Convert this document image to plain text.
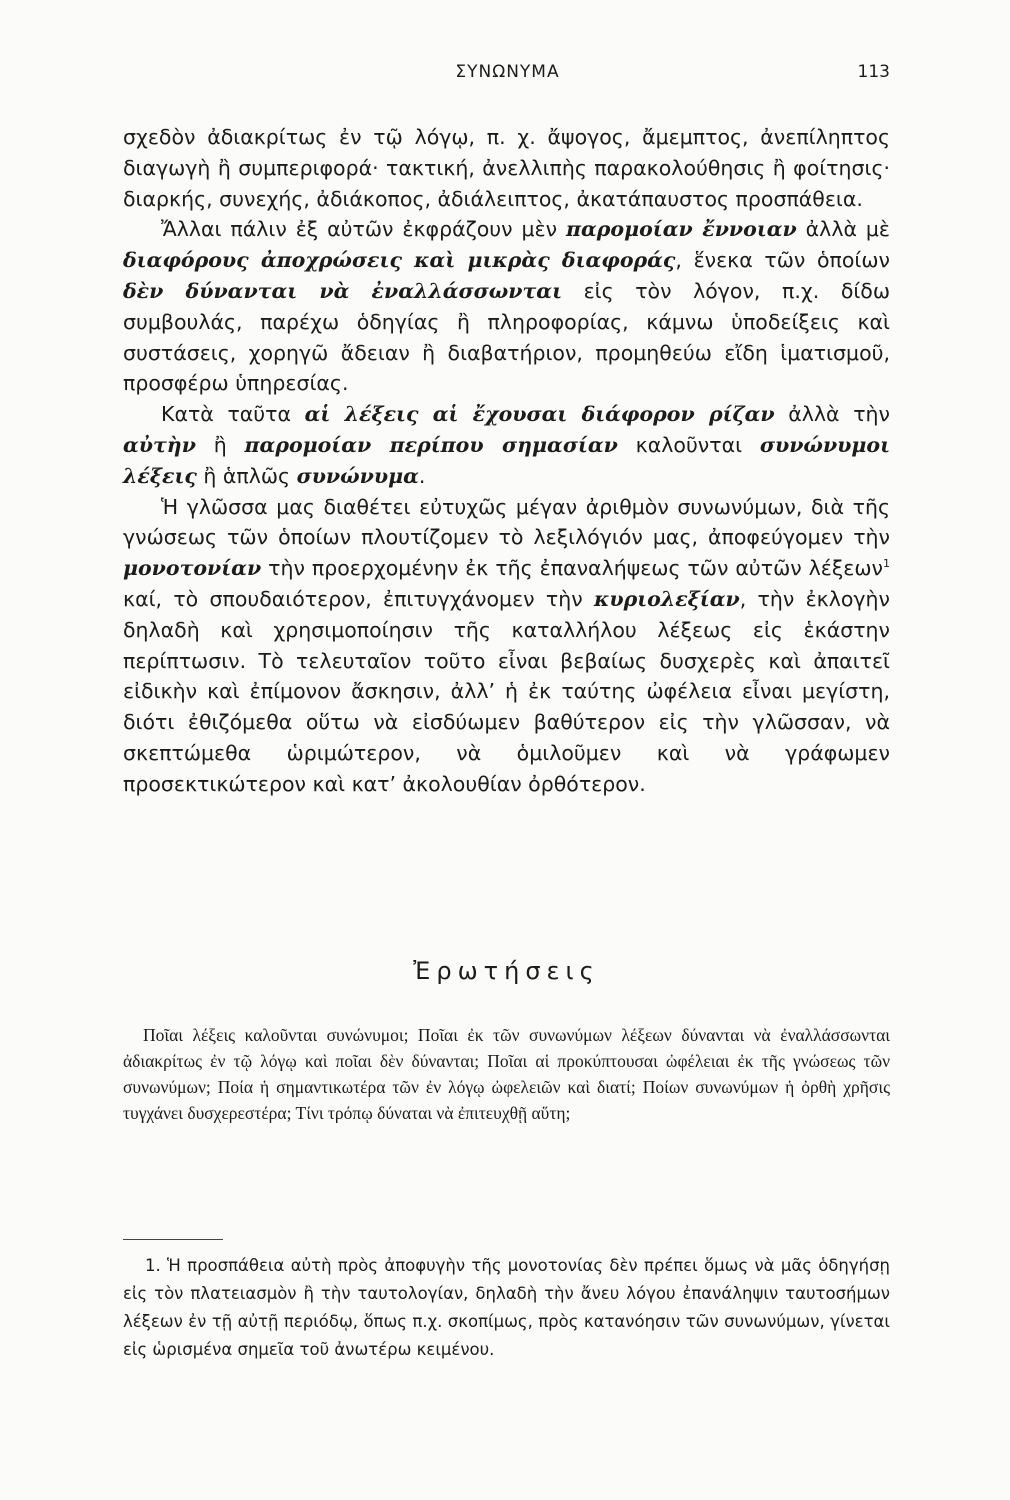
ΣΥΝΩΝΥΜΑ	113

σχεδὸν ἀδιακρίτως ἐν τῷ λόγῳ, π. χ. ἄψογος, ἄμεμπτος, ἀνεπίληπτος διαγωγὴ ἢ συμπεριφορά· τακτική, ἀνελλιπὴς παρακολούθησις ἢ φοίτησις· διαρκής, συνεχής, ἀδιάκοπος, ἀδιάλειπτος, ἀκατάπαυστος προσπάθεια.

Ἄλλαι πάλιν ἐξ αὐτῶν ἐκφράζουν μὲν παρομοίαν ἔννοιαν ἀλλὰ μὲ διαφόρους ἀποχρώσεις καὶ μικρὰς διαφοράς, ἕνεκα τῶν ὁποίων δὲν δύνανται νὰ ἐναλλάσσωνται εἰς τὸν λόγον, π.χ. δίδω συμβουλάς, παρέχω ὁδηγίας ἢ πληροφορίας, κάμνω ὑποδείξεις καὶ συστάσεις, χορηγῶ ἄδειαν ἢ διαβατήριον, προμηθεύω εἴδη ἱματισμοῦ, προσφέρω ὑπηρεσίας.

Κατὰ ταῦτα αἱ λέξεις αἱ ἔχουσαι διάφορον ρίζαν ἀλλὰ τὴν αὐτὴν ἢ παρομοίαν περίπου σημασίαν καλοῦνται συνώνυμοι λέξεις ἢ ἁπλῶς συνώνυμα.

Ἡ γλῶσσα μας διαθέτει εὐτυχῶς μέγαν ἀριθμὸν συνωνύμων, διὰ τῆς γνώσεως τῶν ὁποίων πλουτίζομεν τὸ λεξιλόγιόν μας, ἀποφεύγομεν τὴν μονοτονίαν τὴν προερχομένην ἐκ τῆς ἐπαναλήψεως τῶν αὐτῶν λέξεων$^1$ καί, τὸ σπουδαιότερον, ἐπιτυγχάνομεν τὴν κυριολεξίαν, τὴν ἐκλογὴν δηλαδὴ καὶ χρησιμοποίησιν τῆς καταλλήλου λέξεως εἰς ἑκάστην περίπτωσιν. Τὸ τελευταῖον τοῦτο εἶναι βεβαίως δυσχερὲς καὶ ἀπαιτεῖ εἰδικὴν καὶ ἐπίμονον ἄσκησιν, ἀλλ’ ἡ ἐκ ταύτης ὠφέλεια εἶναι μεγίστη, διότι ἐθιζόμεθα οὕτω νὰ εἰσδύωμεν βαθύτερον εἰς τὴν γλῶσσαν, νὰ σκεπτώμεθα ὡριμώτερον, νὰ ὁμιλοῦμεν καὶ νὰ γράφωμεν προσεκτικώτερον καὶ κατ’ ἀκολουθίαν ὀρθότερον.

Ἐρωτήσεις
Ποῖαι λέξεις καλοῦνται συνώνυμοι; Ποῖαι ἐκ τῶν συνωνύμων λέξεων δύνανται νὰ ἐναλλάσσωνται ἀδιακρίτως ἐν τῷ λόγῳ καὶ ποῖαι δὲν δύνανται; Ποῖαι αἱ προκύπτουσαι ὠφέλειαι ἐκ τῆς γνώσεως τῶν συνωνύμων; Ποία ἡ σημαντικωτέρα τῶν ἐν λόγῳ ὠφελειῶν καὶ διατί; Ποίων συνωνύμων ἡ ὀρθὴ χρῆσις τυγχάνει δυσχερεστέρα; Τίνι τρόπῳ δύναται νὰ ἐπιτευχθῇ αὕτη;
1. Ἡ προσπάθεια αὐτὴ πρὸς ἀποφυγὴν τῆς μονοτονίας δὲν πρέπει ὅμως νὰ μᾶς ὁδηγήσῃ εἰς τὸν πλατειασμὸν ἢ τὴν ταυτολογίαν, δηλαδὴ τὴν ἄνευ λόγου ἐπανάληψιν ταυτοσήμων λέξεων ἐν τῇ αὐτῇ περιόδῳ, ὅπως π.χ. σκοπίμως, πρὸς κατανόησιν τῶν συνωνύμων, γίνεται εἰς ὡρισμένα σημεῖα τοῦ ἀνωτέρω κειμένου.
